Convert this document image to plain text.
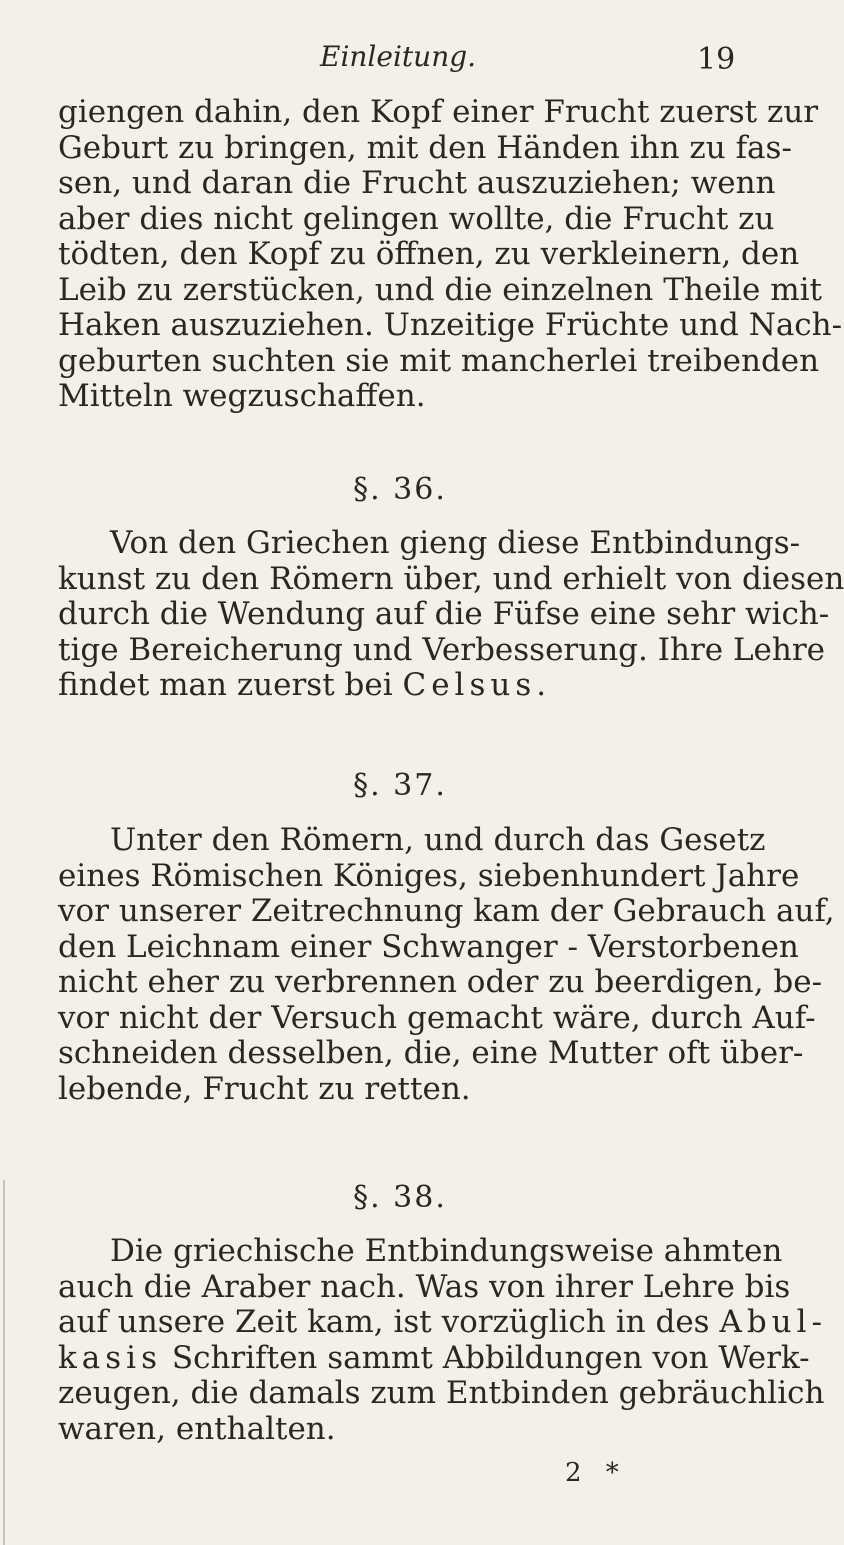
Einleitung.	19

giengen dahin, den Kopf einer Frucht zuerst zur
Geburt zu bringen, mit den Händen ihn zu fas-
sen, und daran die Frucht auszuziehen; wenn
aber dies nicht gelingen wollte, die Frucht zu
tödten, den Kopf zu öffnen, zu verkleinern, den
Leib zu zerstücken, und die einzelnen Theile mit
Haken auszuziehen. Unzeitige Früchte und Nach-
geburten suchten sie mit mancherlei treibenden
Mitteln wegzuschaffen.

§. 36.

Von den Griechen gieng diese Entbindungs-
kunst zu den Römern über, und erhielt von diesen
durch die Wendung auf die Füfse eine sehr wich-
tige Bereicherung und Verbesserung. Ihre Lehre
findet man zuerst bei Celsus.

§. 37.

Unter den Römern, und durch das Gesetz
eines Römischen Königes, siebenhundert Jahre
vor unserer Zeitrechnung kam der Gebrauch auf,
den Leichnam einer Schwanger - Verstorbenen
nicht eher zu verbrennen oder zu beerdigen, be-
vor nicht der Versuch gemacht wäre, durch Auf-
schneiden desselben, die, eine Mutter oft über-
lebende, Frucht zu retten.

§. 38.

Die griechische Entbindungsweise ahmten
auch die Araber nach. Was von ihrer Lehre bis
auf unsere Zeit kam, ist vorzüglich in des Abul-
kasis Schriften sammt Abbildungen von Werk-
zeugen, die damals zum Entbinden gebräuchlich
waren, enthalten.

2 *
